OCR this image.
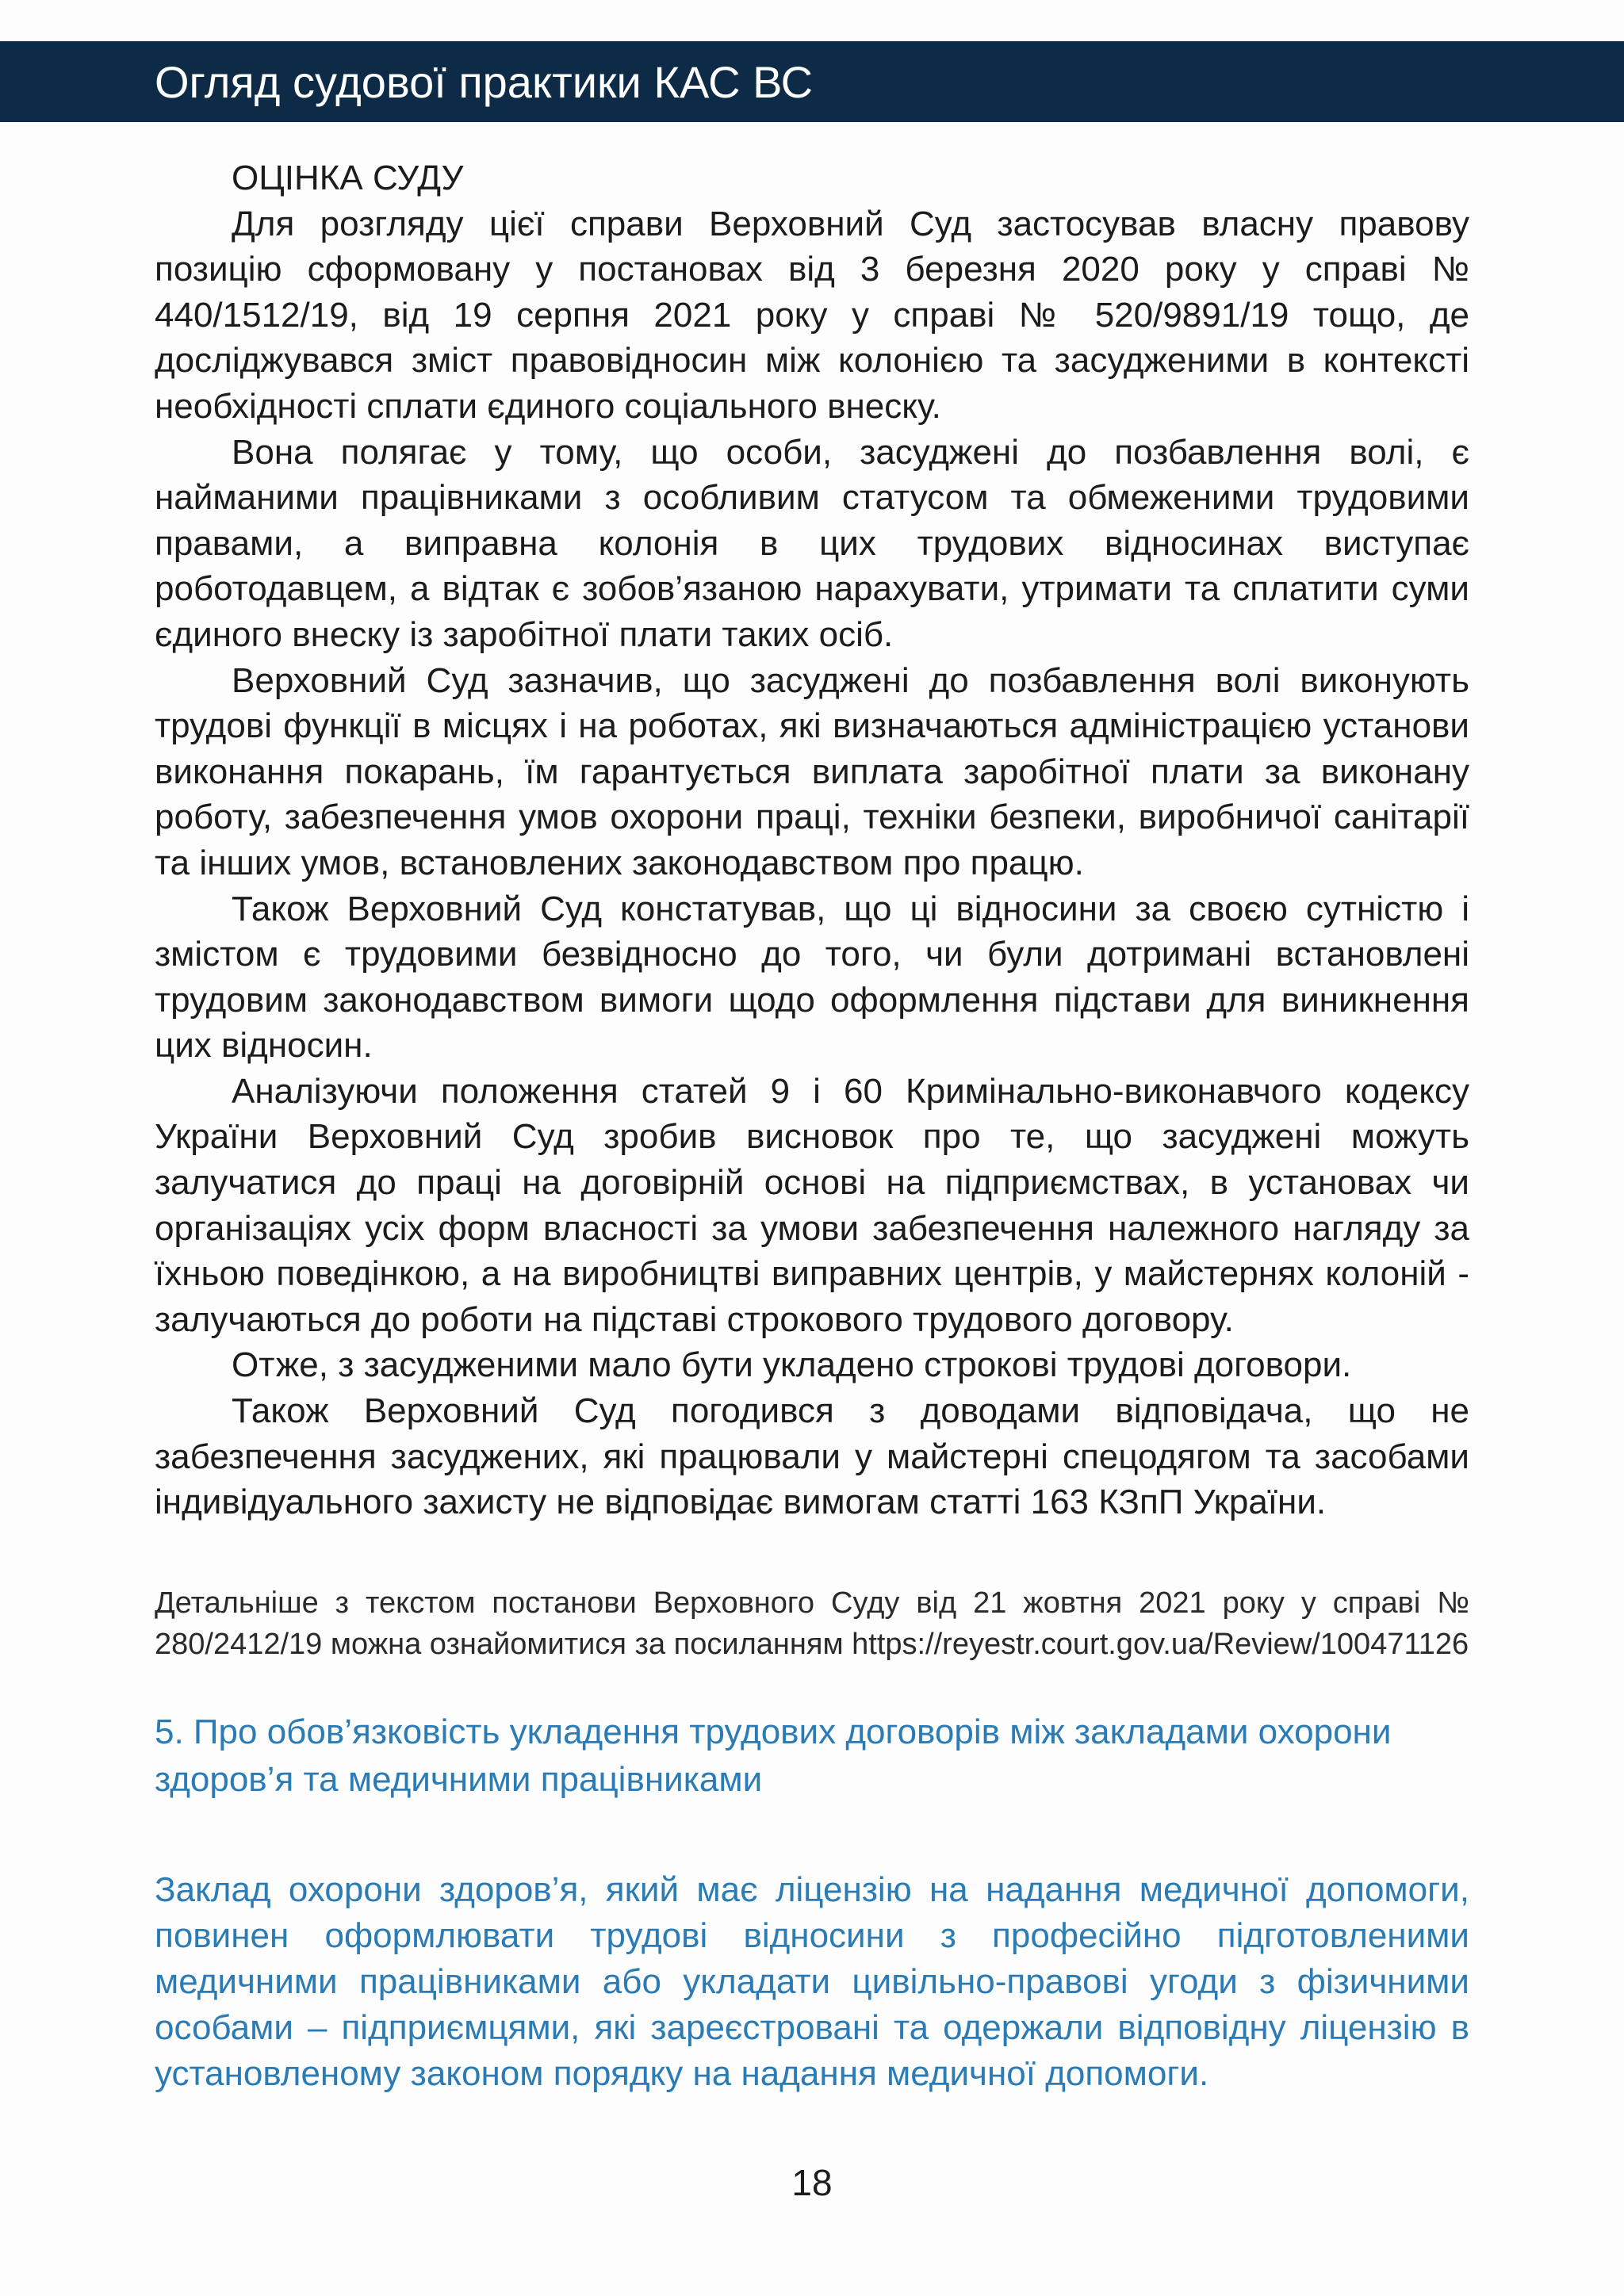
Огляд судової практики КАС ВС

ОЦІНКА СУДУ

Для розгляду цієї справи Верховний Суд застосував власну правову позицію сформовану у постановах від 3 березня 2020 року у справі № 440/1512/19, від 19 серпня 2021 року у справі № 520/9891/19 тощо, де досліджувався зміст правовідносин між колонією та засудженими в контексті необхідності сплати єдиного соціального внеску.

Вона полягає у тому, що особи, засуджені до позбавлення волі, є найманими працівниками з особливим статусом та обмеженими трудовими правами, а виправна колонія в цих трудових відносинах виступає роботодавцем, а відтак є зобов’язаною нарахувати, утримати та сплатити суми єдиного внеску із заробітної плати таких осіб.

Верховний Суд зазначив, що засуджені до позбавлення волі виконують трудові функції в місцях і на роботах, які визначаються адміністрацією установи виконання покарань, їм гарантується виплата заробітної плати за виконану роботу, забезпечення умов охорони праці, техніки безпеки, виробничої санітарії та інших умов, встановлених законодавством про працю.

Також Верховний Суд констатував, що ці відносини за своєю сутністю і змістом є трудовими безвідносно до того, чи були дотримані встановлені трудовим законодавством вимоги щодо оформлення підстави для виникнення цих відносин.

Аналізуючи положення статей 9 і 60 Кримінально-виконавчого кодексу України Верховний Суд зробив висновок про те, що засуджені можуть залучатися до праці на договірній основі на підприємствах, в установах чи організаціях усіх форм власності за умови забезпечення належного нагляду за їхньою поведінкою, а на виробництві виправних центрів, у майстернях колоній - залучаються до роботи на підставі строкового трудового договору.

Отже, з засудженими мало бути укладено строкові трудові договори.

Також Верховний Суд погодився з доводами відповідача, що не забезпечення засуджених, які працювали у майстерні спецодягом та засобами індивідуального захисту не відповідає вимогам статті 163 КЗпП України.

Детальніше з текстом постанови Верховного Суду від 21 жовтня 2021 року у справі № 280/2412/19 можна ознайомитися за посиланням https://reyestr.court.gov.ua/Review/100471126

5. Про обов’язковість укладення трудових договорів між закладами охорони здоров’я та медичними працівниками

Заклад охорони здоров’я, який має ліцензію на надання медичної допомоги, повинен оформлювати трудові відносини з професійно підготовленими медичними працівниками або укладати цивільно-правові угоди з фізичними особами – підприємцями, які зареєстровані та одержали відповідну ліцензію в установленому законом порядку на надання медичної допомоги.

18
